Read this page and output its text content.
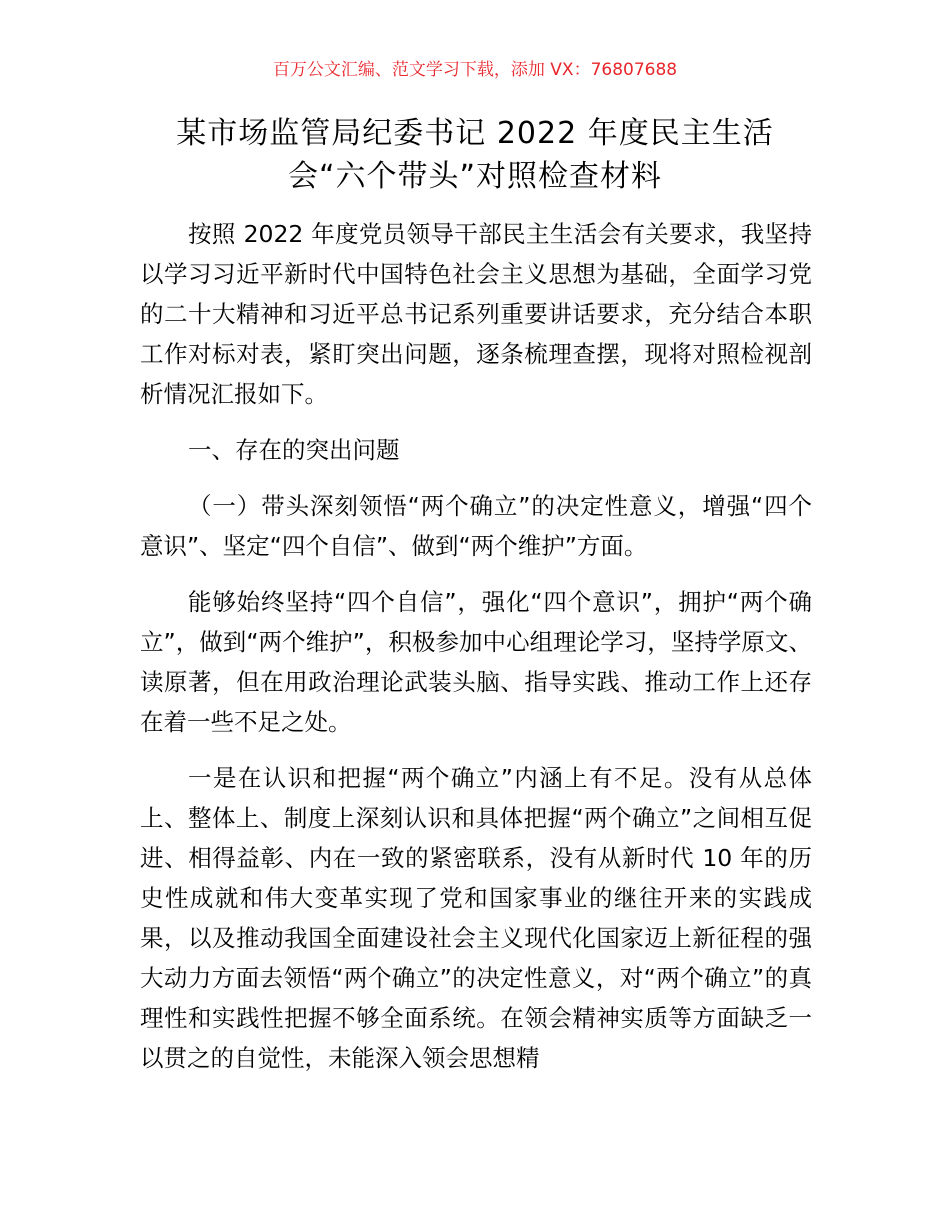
百万公文汇编、范文学习下载，添加 VX：76807688
某市场监管局纪委书记 2022 年度民主生活
会“六个带头”对照检查材料

按照 2022 年度党员领导干部民主生活会有关要求，我坚持以学习习近平新时代中国特色社会主义思想为基础，全面学习党的二十大精神和习近平总书记系列重要讲话要求，充分结合本职工作对标对表，紧盯突出问题，逐条梳理查摆，现将对照检视剖析情况汇报如下。

一、存在的突出问题

（一）带头深刻领悟“两个确立”的决定性意义，增强“四个意识”、坚定“四个自信”、做到“两个维护”方面。

能够始终坚持“四个自信”，强化“四个意识”，拥护“两个确立”，做到“两个维护”，积极参加中心组理论学习，坚持学原文、读原著，但在用政治理论武装头脑、指导实践、推动工作上还存在着一些不足之处。

一是在认识和把握“两个确立”内涵上有不足。没有从总体上、整体上、制度上深刻认识和具体把握“两个确立”之间相互促进、相得益彰、内在一致的紧密联系，没有从新时代 10 年的历史性成就和伟大变革实现了党和国家事业的继往开来的实践成果，以及推动我国全面建设社会主义现代化国家迈上新征程的强大动力方面去领悟“两个确立”的决定性意义，对“两个确立”的真理性和实践性把握不够全面系统。在领会精神实质等方面缺乏一以贯之的自觉性，未能深入领会思想精
